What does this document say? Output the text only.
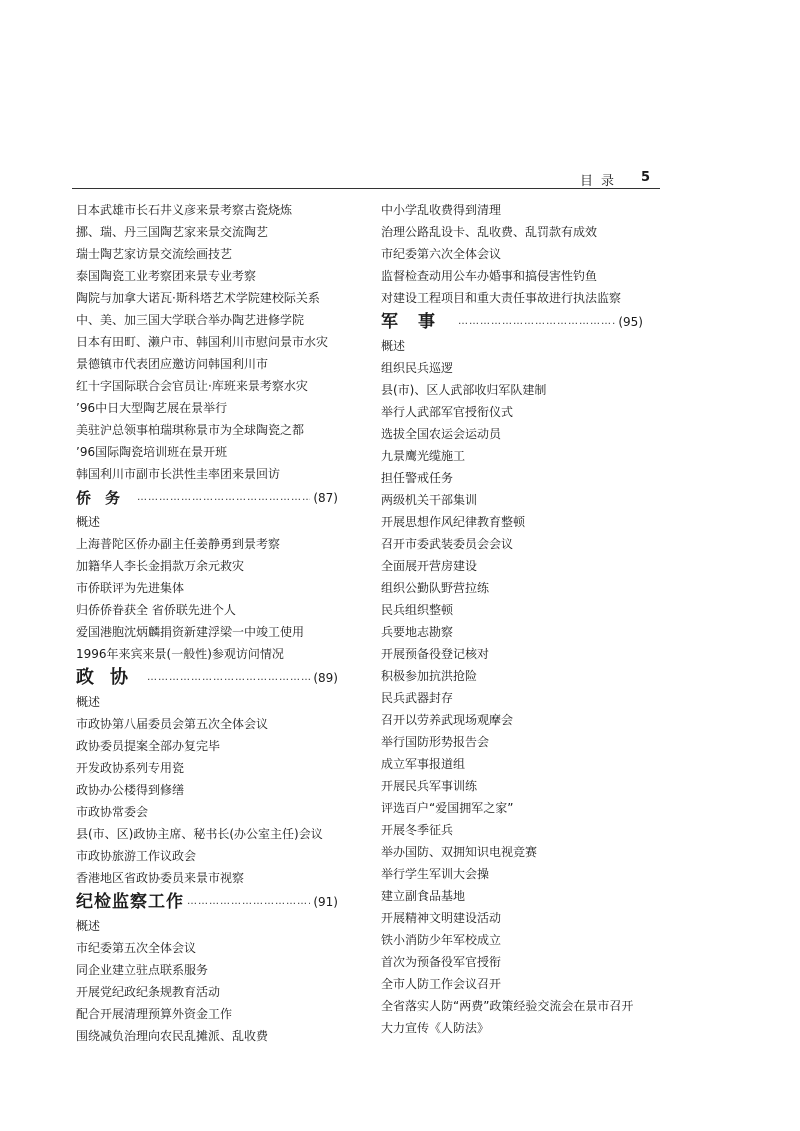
目录 5
日本武雄市长石井义彦来景考察古瓷烧炼
挪、瑞、丹三国陶艺家来景交流陶艺
瑞士陶艺家访景交流绘画技艺
泰国陶瓷工业考察团来景专业考察
陶院与加拿大诺瓦·斯科塔艺术学院建校际关系
中、美、加三国大学联合举办陶艺进修学院
日本有田町、濑户市、韩国利川市慰问景市水灾
景德镇市代表团应邀访问韩国利川市
红十字国际联合会官员让·库班来景考察水灾
’96中日大型陶艺展在景举行
美驻沪总领事柏瑞琪称景市为全球陶瓷之都
’96国际陶瓷培训班在景开班
韩国利川市副市长洪性圭率团来景回访
侨务 ……………………………………………………………………………………………………………………………	(87)
概述
上海普陀区侨办副主任姜静勇到景考察
加籍华人李长金捐款万余元救灾
市侨联评为先进集体
归侨侨眷获全 省侨联先进个人
爱国港胞沈炳麟捐资新建浮梁一中竣工使用
1996年来宾来景(一般性)参观访问情况
政协 ……………………………………………………………………………………………………………………………	(89)
概述
市政协第八届委员会第五次全体会议
政协委员提案全部办复完毕
开发政协系列专用瓷
政协办公楼得到修缮
市政协常委会
县(市、区)政协主席、秘书长(办公室主任)会议
市政协旅游工作议政会
香港地区省政协委员来景市视察
纪检监察工作 ……………………………………………………………………………………………………………………………	(91)
概述
市纪委第五次全体会议
同企业建立驻点联系服务
开展党纪政纪条规教育活动
配合开展清理预算外资金工作
围绕减负治理向农民乱摊派、乱收费
中小学乱收费得到清理
治理公路乱设卡、乱收费、乱罚款有成效
市纪委第六次全体会议
监督检查动用公车办婚事和搞侵害性钓鱼
对建设工程项目和重大责任事故进行执法监察
军事 ……………………………………………………………………………………………………………………………	(95)
概述
组织民兵巡逻
县(市)、区人武部收归军队建制
举行人武部军官授衔仪式
选拔全国农运会运动员
九景鹰光缆施工
担任警戒任务
两级机关干部集训
开展思想作风纪律教育整顿
召开市委武装委员会会议
全面展开营房建设
组织公勤队野营拉练
民兵组织整顿
兵要地志勘察
开展预备役登记核对
积极参加抗洪抢险
民兵武器封存
召开以劳养武现场观摩会
举行国防形势报告会
成立军事报道组
开展民兵军事训练
评选百户“爱国拥军之家”
开展冬季征兵
举办国防、双拥知识电视竞赛
举行学生军训大会操
建立副食品基地
开展精神文明建设活动
铁小消防少年军校成立
首次为预备役军官授衔
全市人防工作会议召开
全省落实人防“两费”政策经验交流会在景市召开
大力宣传《人防法》
